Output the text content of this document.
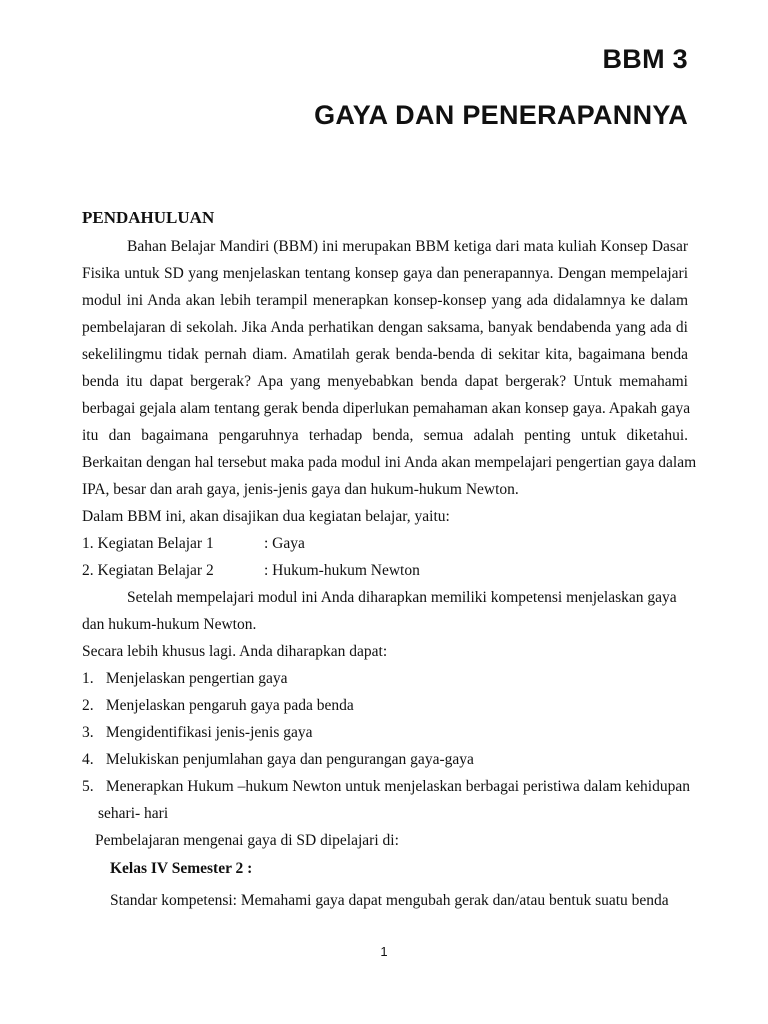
BBM 3
GAYA DAN PENERAPANNYA
PENDAHULUAN
Bahan Belajar Mandiri (BBM) ini merupakan BBM ketiga dari mata kuliah Konsep Dasar
Fisika untuk SD yang menjelaskan tentang konsep gaya dan penerapannya. Dengan mempelajari
modul ini Anda akan lebih terampil menerapkan konsep-konsep yang ada didalamnya ke dalam
pembelajaran di sekolah. Jika Anda perhatikan dengan saksama, banyak bendabenda yang ada di
sekelilingmu tidak pernah diam. Amatilah gerak benda-benda di sekitar kita, bagaimana benda
benda itu dapat bergerak? Apa yang menyebabkan benda dapat bergerak? Untuk memahami
berbagai gejala alam tentang gerak benda diperlukan pemahaman akan konsep gaya. Apakah gaya
itu dan bagaimana pengaruhnya terhadap benda, semua adalah penting untuk diketahui.
Berkaitan dengan hal tersebut maka pada modul ini Anda akan mempelajari pengertian gaya dalam
IPA, besar dan arah gaya, jenis-jenis gaya dan hukum-hukum Newton.
Dalam BBM ini, akan disajikan dua kegiatan belajar, yaitu:
1. Kegiatan Belajar 1	: Gaya
2. Kegiatan Belajar 2	: Hukum-hukum Newton
Setelah mempelajari modul ini Anda diharapkan memiliki kompetensi menjelaskan gaya
dan hukum-hukum Newton.
Secara lebih khusus lagi. Anda diharapkan dapat:
1. Menjelaskan pengertian gaya
2. Menjelaskan pengaruh gaya pada benda
3. Mengidentifikasi jenis-jenis gaya
4. Melukiskan penjumlahan gaya dan pengurangan gaya-gaya
5. Menerapkan Hukum –hukum Newton untuk menjelaskan berbagai peristiwa dalam kehidupan
sehari- hari
Pembelajaran mengenai gaya di SD dipelajari di:
Kelas IV Semester 2 :
Standar kompetensi: Memahami gaya dapat mengubah gerak dan/atau bentuk suatu benda
1
